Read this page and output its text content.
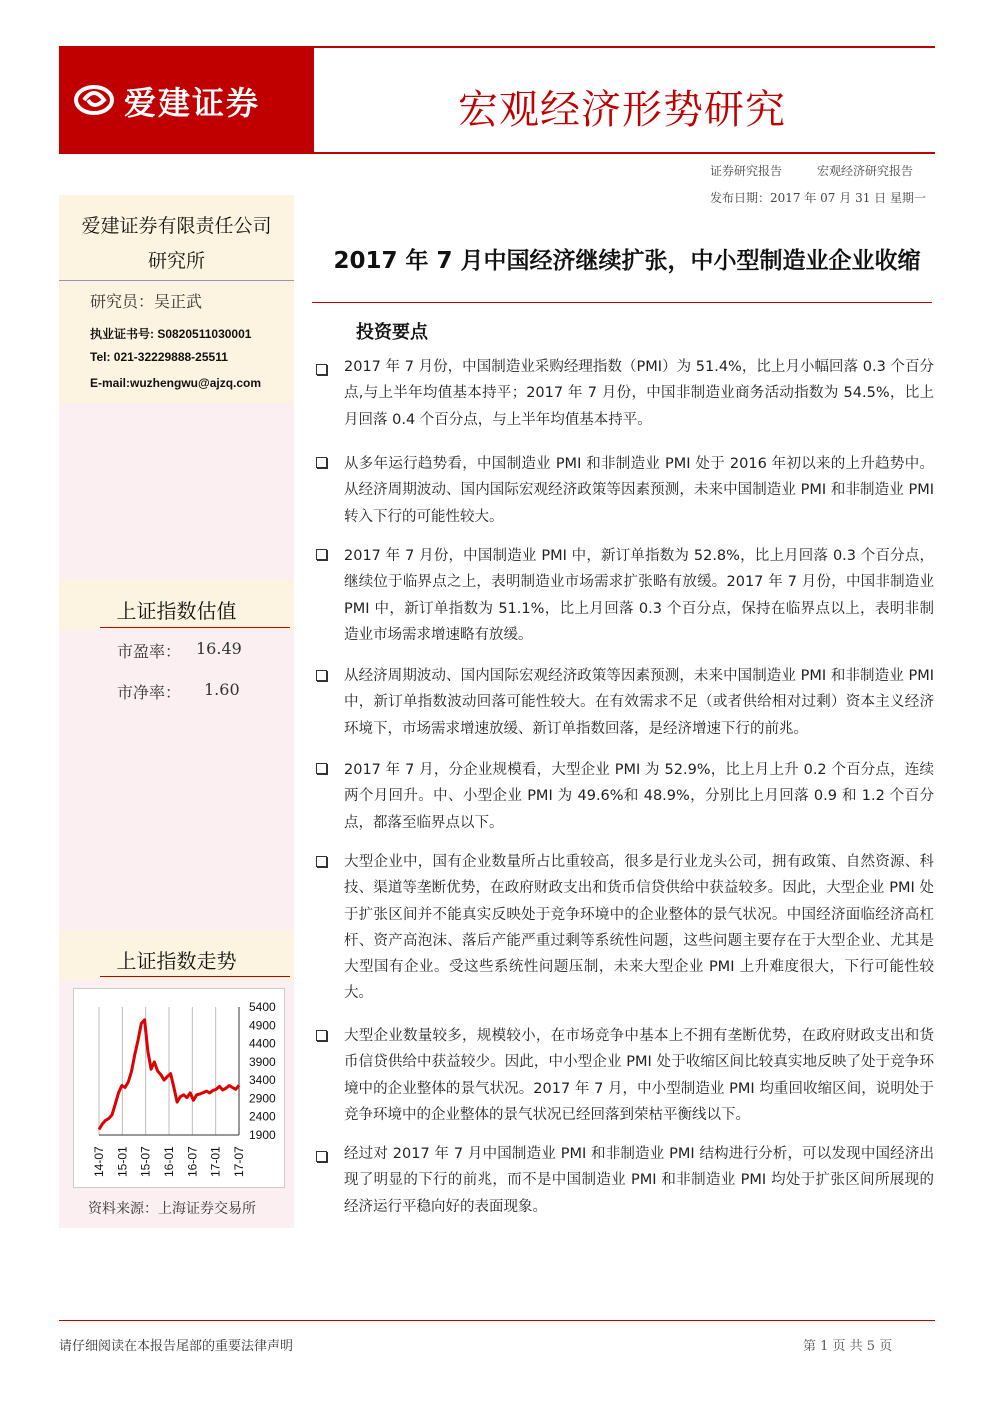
爱建证券	宏观经济形势研究
证券研究报告	宏观经济研究报告
发布日期：2017 年 07 月 31 日 星期一
爱建证券有限责任公司
研究所
研究员：吴正武
执业证书号: S0820511030001
Tel: 021-32229888-25511
E-mail:wuzhengwu@ajzq.com
上证指数估值
市盈率： 16.49
市净率： 1.60
上证指数走势
5400
4900
4400
3900
3400
2900
2400
1900
14-07 15-01 15-07 16-01 16-07 17-01 17-07
资料来源：上海证券交易所
2017 年 7 月中国经济继续扩张，中小型制造业企业收缩
投资要点
2017 年 7 月份，中国制造业采购经理指数（PMI）为 51.4%，比上月小幅回落 0.3 个百分点,与上半年均值基本持平；2017 年 7 月份，中国非制造业商务活动指数为 54.5%，比上月回落 0.4 个百分点，与上半年均值基本持平。
从多年运行趋势看，中国制造业 PMI 和非制造业 PMI 处于 2016 年初以来的上升趋势中。从经济周期波动、国内国际宏观经济政策等因素预测，未来中国制造业 PMI 和非制造业 PMI 转入下行的可能性较大。
2017 年 7 月份，中国制造业 PMI 中，新订单指数为 52.8%，比上月回落 0.3 个百分点，继续位于临界点之上，表明制造业市场需求扩张略有放缓。2017 年 7 月份，中国非制造业 PMI 中，新订单指数为 51.1%，比上月回落 0.3 个百分点，保持在临界点以上，表明非制造业市场需求增速略有放缓。
从经济周期波动、国内国际宏观经济政策等因素预测，未来中国制造业 PMI 和非制造业 PMI 中，新订单指数波动回落可能性较大。在有效需求不足（或者供给相对过剩）资本主义经济环境下，市场需求增速放缓、新订单指数回落，是经济增速下行的前兆。
2017 年 7 月，分企业规模看，大型企业 PMI 为 52.9%，比上月上升 0.2 个百分点，连续两个月回升。中、小型企业 PMI 为 49.6%和 48.9%，分别比上月回落 0.9 和 1.2 个百分点，都落至临界点以下。
大型企业中，国有企业数量所占比重较高，很多是行业龙头公司，拥有政策、自然资源、科技、渠道等垄断优势，在政府财政支出和货币信贷供给中获益较多。因此，大型企业 PMI 处于扩张区间并不能真实反映处于竞争环境中的企业整体的景气状况。中国经济面临经济高杠杆、资产高泡沫、落后产能严重过剩等系统性问题，这些问题主要存在于大型企业、尤其是大型国有企业。受这些系统性问题压制，未来大型企业 PMI 上升难度很大，下行可能性较大。
大型企业数量较多，规模较小，在市场竞争中基本上不拥有垄断优势，在政府财政支出和货币信贷供给中获益较少。因此，中小型企业 PMI 处于收缩区间比较真实地反映了处于竞争环境中的企业整体的景气状况。2017 年 7 月，中小型制造业 PMI 均重回收缩区间，说明处于竞争环境中的企业整体的景气状况已经回落到荣枯平衡线以下。
经过对 2017 年 7 月中国制造业 PMI 和非制造业 PMI 结构进行分析，可以发现中国经济出现了明显的下行的前兆，而不是中国制造业 PMI 和非制造业 PMI 均处于扩张区间所展现的经济运行平稳向好的表面现象。
请仔细阅读在本报告尾部的重要法律声明	第 1 页 共 5 页
